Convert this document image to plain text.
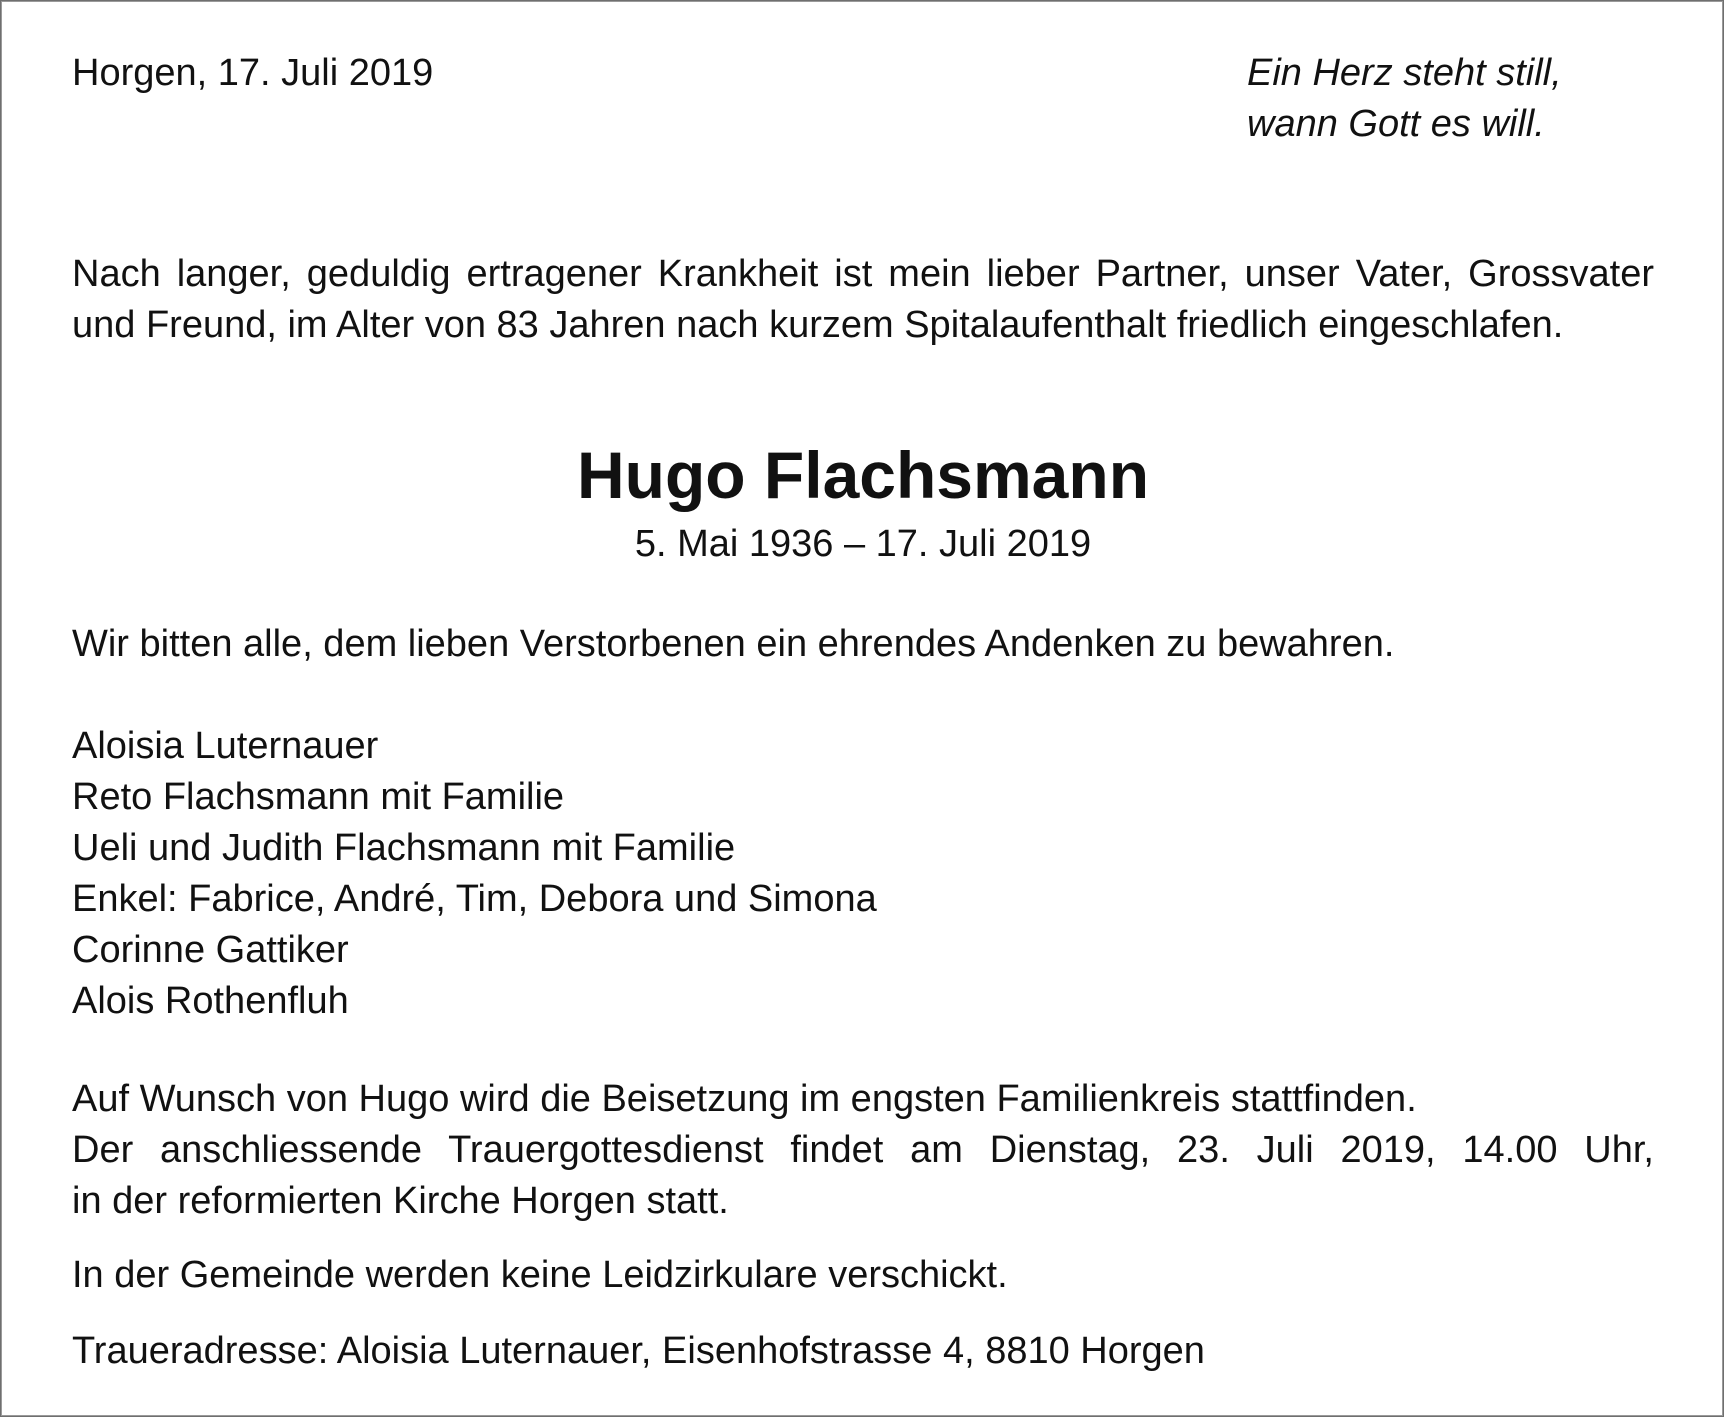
Horgen, 17. Juli 2019	Ein Herz steht still,
wann Gott es will.

Nach langer, geduldig ertragener Krankheit ist mein lieber Partner, unser Vater, Grossvater und Freund, im Alter von 83 Jahren nach kurzem Spitalaufenthalt friedlich eingeschlafen.

Hugo Flachsmann

5. Mai 1936 – 17. Juli 2019

Wir bitten alle, dem lieben Verstorbenen ein ehrendes Andenken zu bewahren.

Aloisia Luternauer
Reto Flachsmann mit Familie
Ueli und Judith Flachsmann mit Familie
Enkel: Fabrice, André, Tim, Debora und Simona
Corinne Gattiker
Alois Rothenfluh

Auf Wunsch von Hugo wird die Beisetzung im engsten Familienkreis stattfinden.
Der anschliessende Trauergottesdienst findet am Dienstag, 23. Juli 2019, 14.00 Uhr,
in der reformierten Kirche Horgen statt.

In der Gemeinde werden keine Leidzirkulare verschickt.

Traueradresse: Aloisia Luternauer, Eisenhofstrasse 4, 8810 Horgen
